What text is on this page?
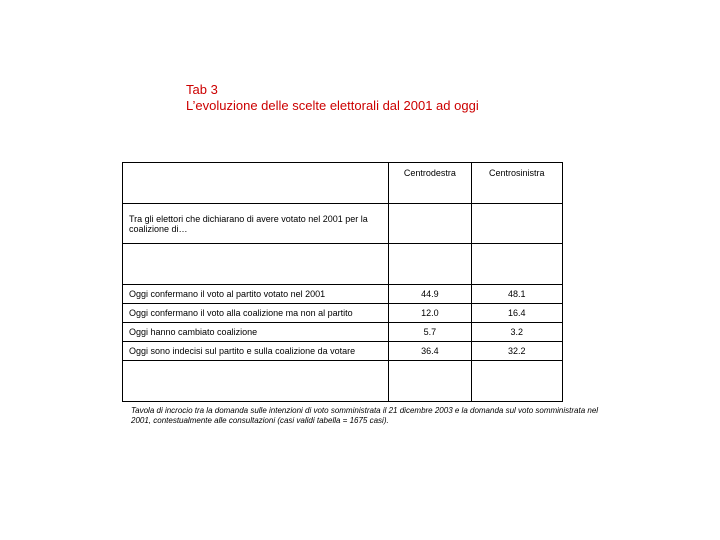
Tab 3
L’evoluzione delle scelte elettorali dal 2001 ad oggi
	Centrodestra	Centrosinistra
Tra gli elettori che dichiarano di avere votato nel 2001 per la coalizione di…		

Oggi confermano il voto al partito votato nel 2001	44.9	48.1
Oggi confermano il voto alla coalizione ma non al partito	12.0	16.4
Oggi hanno cambiato coalizione	5.7	3.2
Oggi sono indecisi sul partito e sulla coalizione da votare	36.4	32.2

Tavola di incrocio tra la domanda sulle intenzioni di voto somministrata il 21 dicembre 2003 e la domanda sul voto somministrata nel 2001, contestualmente alle consultazioni (casi validi tabella = 1675 casi).
